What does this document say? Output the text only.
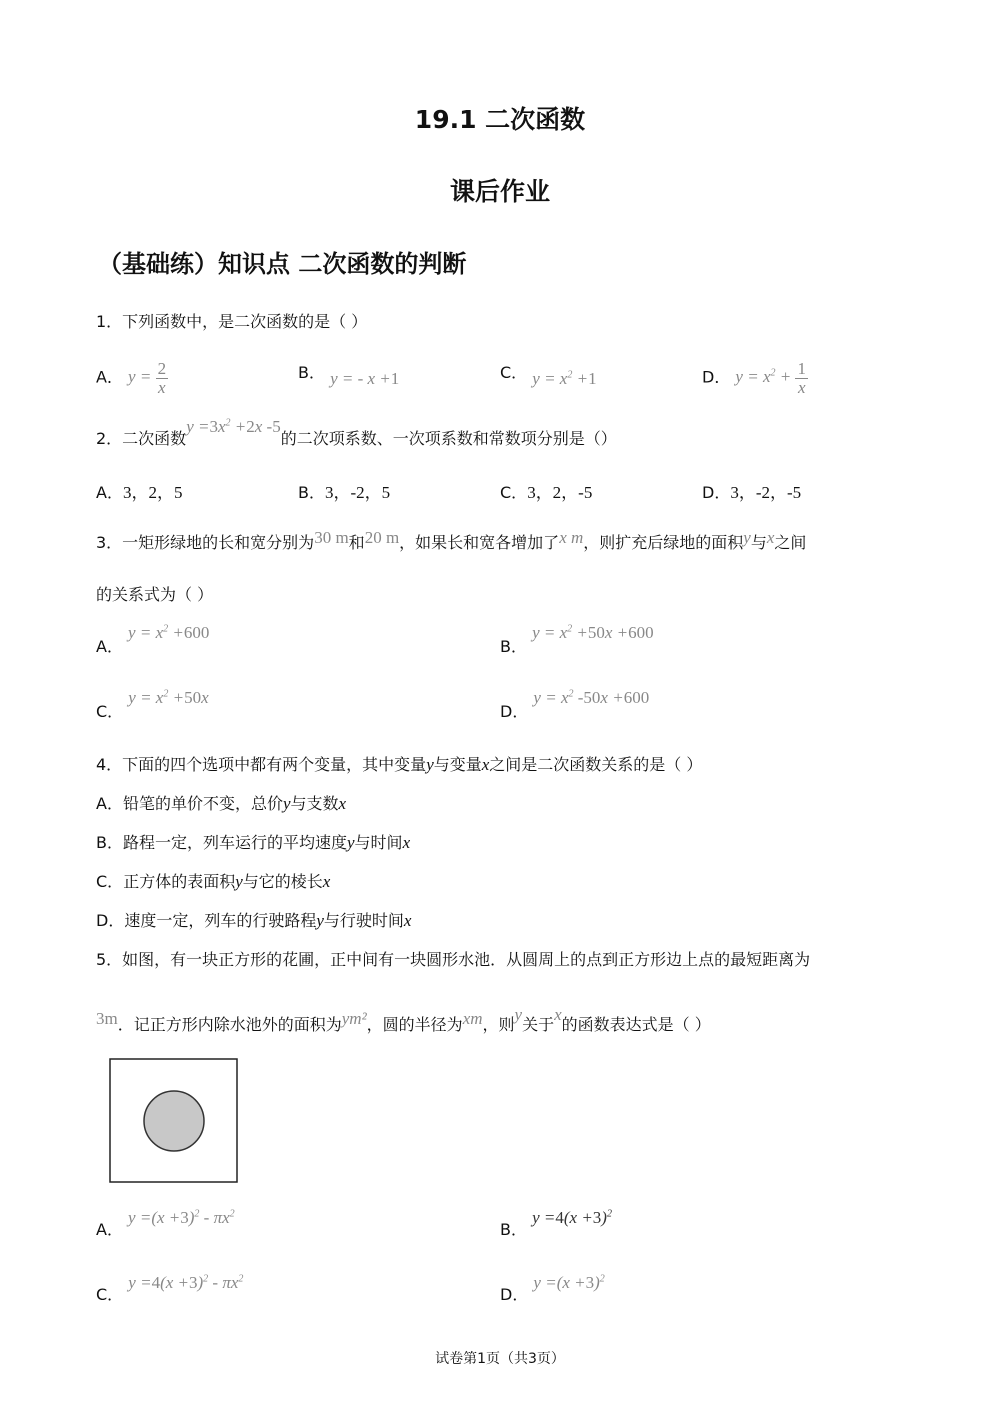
19.1 二次函数
课后作业
（基础练）知识点 二次函数的判断
1．下列函数中，是二次函数的是（ ）
A． $y = \frac{2}{x}$	B． y = - x +1	C． $y = x^2 +1$	D． $y = x^2 + \frac{1}{x}$
2．二次函数$y =3x^2 +2x$ -5的二次项系数、一次项系数和常数项分别是（）
A．3，2，5	B．3，-2，5	C．3，2，-5	D．3，-2，-5
3．一矩形绿地的长和宽分别为30 m和20 m，如果长和宽各增加了x m，则扩充后绿地的面积y与x之间
的关系式为（ ）
A． $y = x^2 +600$
B． $y = x^2 +50x +600$
C． $y = x^2 +50x$
D． $y = x^2$ -50x +600
4．下面的四个选项中都有两个变量，其中变量y与变量x之间是二次函数关系的是（ ）
A．铅笔的单价不变，总价y与支数x
B．路程一定，列车运行的平均速度y与时间x
C．正方体的表面积y与它的棱长x
D．速度一定，列车的行驶路程y与行驶时间x
5．如图，有一块正方形的花圃，正中间有一块圆形水池．从圆周上的点到正方形边上点的最短距离为
3m．记正方形内除水池外的面积为ym²，圆的半径为xm，则y关于x的函数表达式是（ ）
A． $y =(x +3)^2 - \pi x^2$
B． $y =4(x +3)^2$
C． $y =4(x +3)^2 - \pi x^2$
D． $y =(x +3)^2$
试卷第1页（共3页）
